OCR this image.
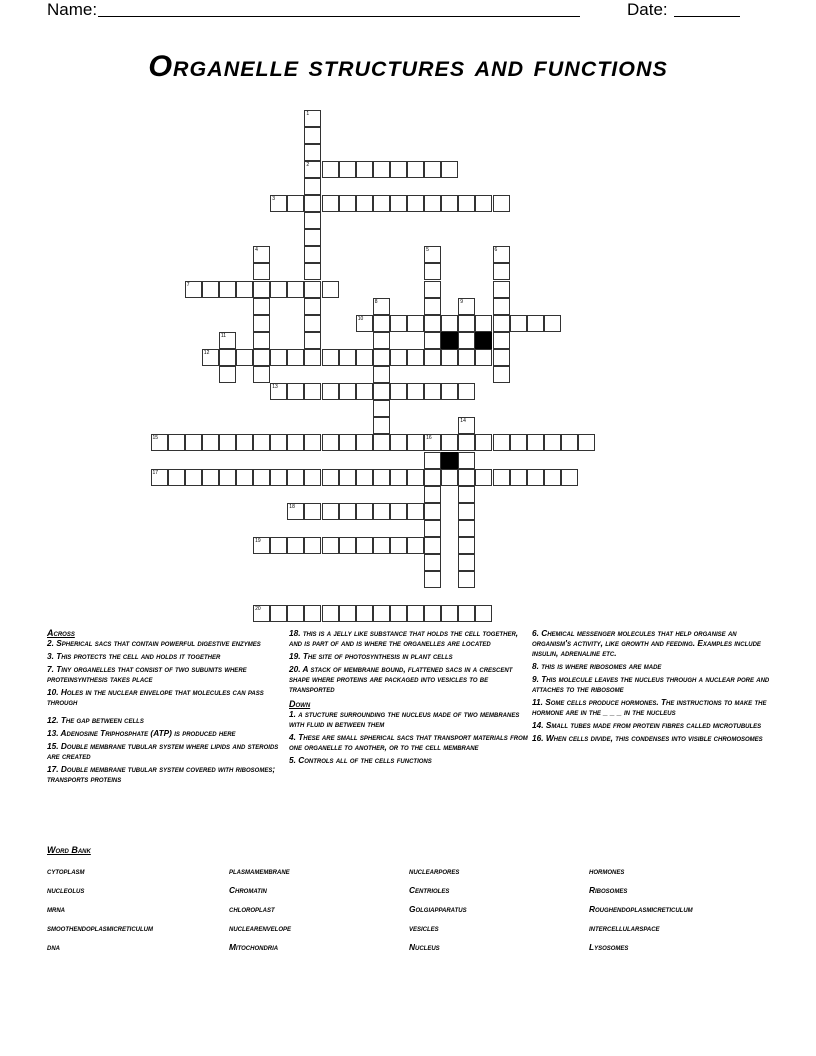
Name:	Date:
Organelle structures and functions
1
2
3
4	5	6
7
8	9
10
11
12
13
14
15	16
17
18
19
20
Across
2. Spherical sacs that contain powerful digestive enzymes
3. This protects the cell and holds it together
7. Tiny organelles that consist of two subunits where proteinsynthesis takes place
10. Holes in the nuclear envelope that molecules can pass through
12. The gap between cells
13. Adenosine Triphosphate (ATP) is produced here
15. Double membrane tubular system where lipids and steroids are created
17. Double membrane tubular system covered with ribosomes; transports proteins
18. this is a jelly like substance that holds the cell together, and is part of and is where the organelles are located
19. The site of photosynthesis in plant cells
20. A stack of membrane bound, flattened sacs in a crescent shape where proteins are packaged into vesicles to be transported
Down
1. a stucture surrounding the nucleus made of two membranes with fluid in between them
4. These are small spherical sacs that transport materials from one organelle to another, or to the cell membrane
5. Controls all of the cells functions
6. Chemical messenger molecules that help organise an organism's activity, like growth and feeding. Examples include insulin, adrenaline etc.
8. this is where ribosomes are made
9. This molecule leaves the nucleus through a nuclear pore and attaches to the ribosome
11. Some cells produce hormones. The instructions to make the hormone are in the _ _ _ in the nucleus
14. Small tubes made from protein fibres called microtubules
16. When cells divide, this condenses into visible chromosomes
Word Bank
cytoplasm	plasmamembrane	nuclearpores	hormones
nucleolus	Chromatin	Centrioles	Ribosomes
mrna	chloroplast	Golgiapparatus	Roughendoplasmicreticulum
smoothendoplasmicreticulum	nuclearenvelope	vesicles	intercellularspace
dna	Mitochondria	Nucleus	Lysosomes
